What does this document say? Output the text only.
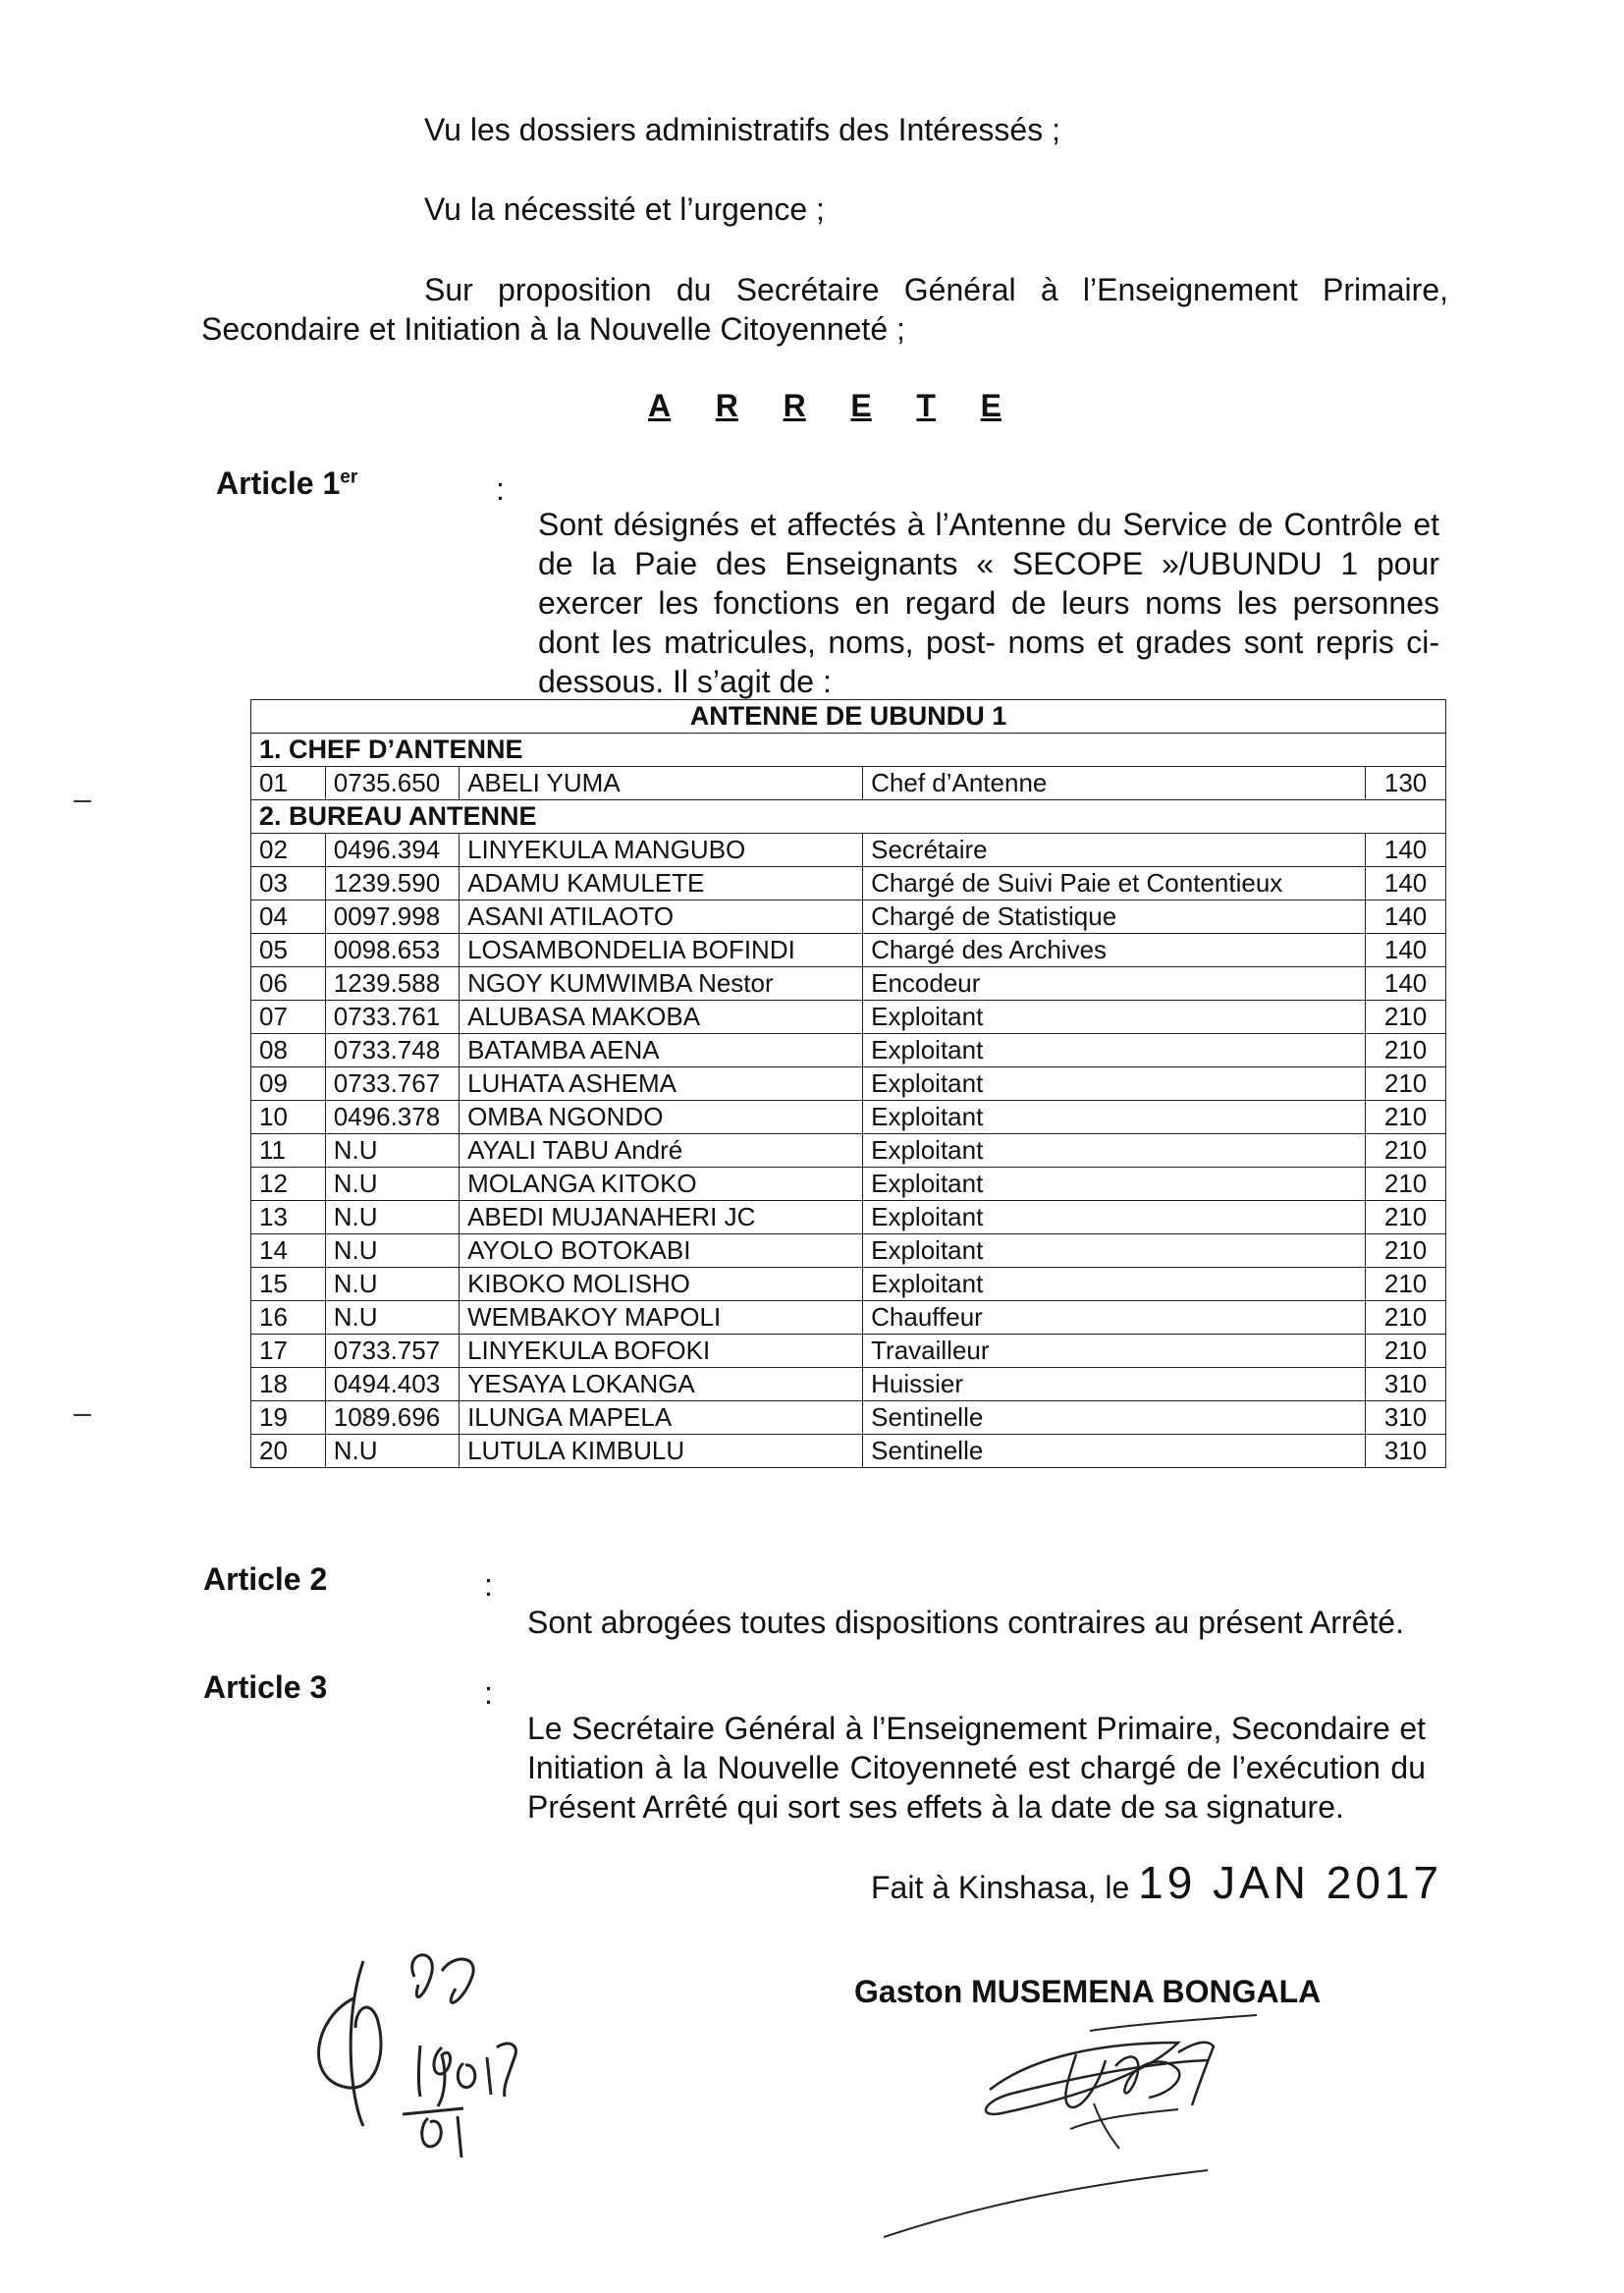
Vu les dossiers administratifs des Intéressés ;

Vu la nécessité et l’urgence ;

Sur proposition du Secrétaire Général à l’Enseignement Primaire, Secondaire et Initiation à la Nouvelle Citoyenneté ;

A R R E T E
Article 1er	:

Sont désignés et affectés à l’Antenne du Service de Contrôle et de la Paie des Enseignants « SECOPE »/UBUNDU 1 pour exercer les fonctions en regard de leurs noms les personnes dont les matricules, noms, post- noms et grades sont repris ci-dessous. Il s’agit de :

ANTENNE DE UBUNDU 1				
1. CHEF D’ANTENNE				
01	0735.650	ABELI YUMA	Chef d’Antenne	130
2. BUREAU ANTENNE				
02	0496.394	LINYEKULA MANGUBO	Secrétaire	140
03	1239.590	ADAMU KAMULETE	Chargé de Suivi Paie et Contentieux	140
04	0097.998	ASANI ATILAOTO	Chargé de Statistique	140
05	0098.653	LOSAMBONDELIA BOFINDI	Chargé des Archives	140
06	1239.588	NGOY KUMWIMBA Nestor	Encodeur	140
07	0733.761	ALUBASA MAKOBA	Exploitant	210
08	0733.748	BATAMBA AENA	Exploitant	210
09	0733.767	LUHATA ASHEMA	Exploitant	210
10	0496.378	OMBA NGONDO	Exploitant	210
11	N.U	AYALI TABU André	Exploitant	210
12	N.U	MOLANGA KITOKO	Exploitant	210
13	N.U	ABEDI MUJANAHERI JC	Exploitant	210
14	N.U	AYOLO BOTOKABI	Exploitant	210
15	N.U	KIBOKO MOLISHO	Exploitant	210
16	N.U	WEMBAKOY MAPOLI	Chauffeur	210
17	0733.757	LINYEKULA BOFOKI	Travailleur	210
18	0494.403	YESAYA LOKANGA	Huissier	310
19	1089.696	ILUNGA MAPELA	Sentinelle	310
20	N.U	LUTULA KIMBULU	Sentinelle	310
Article 2	:

Sont abrogées toutes dispositions contraires au présent Arrêté.

Article 3	:

Le Secrétaire Général à l’Enseignement Primaire, Secondaire et Initiation à la Nouvelle Citoyenneté est chargé de l’exécution du Présent Arrêté qui sort ses effets à la date de sa signature.

Fait à Kinshasa, le 19 JAN 2017
Gaston MUSEMENA BONGALA
–
–
